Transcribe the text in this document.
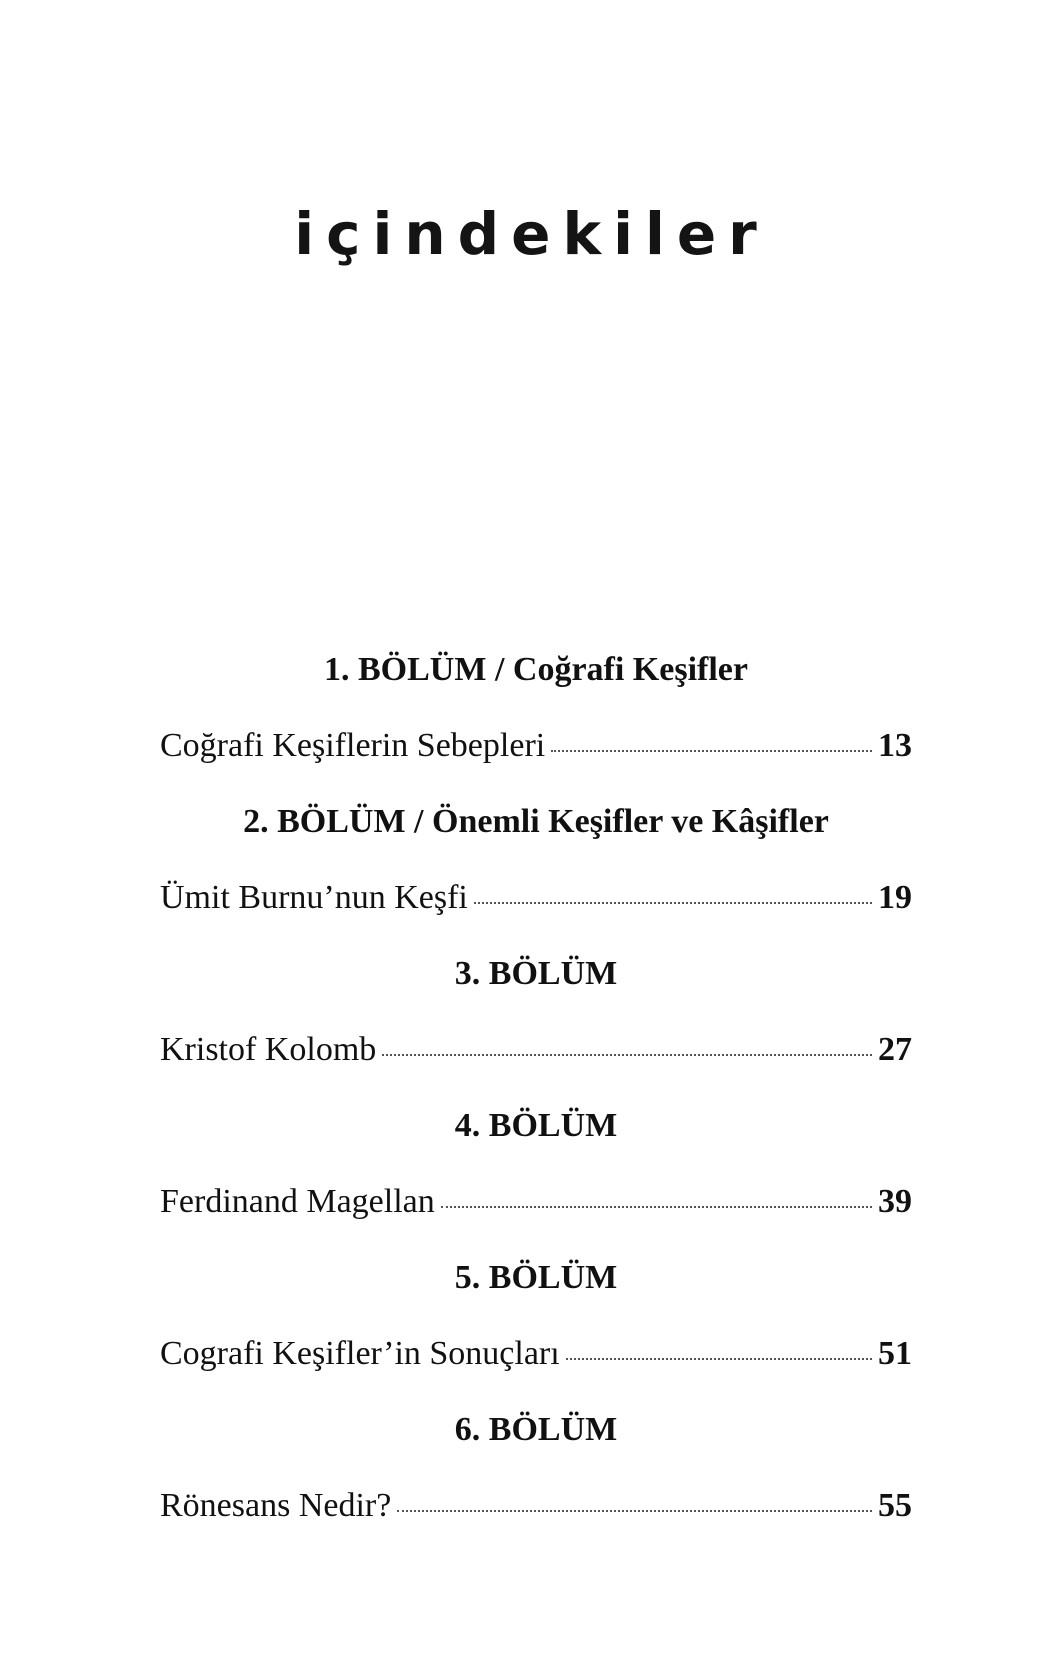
içindekiler
1. BÖLÜM / Coğrafi Keşifler
Coğrafi Keşiflerin Sebepleri	13
2. BÖLÜM / Önemli Keşifler ve Kâşifler
Ümit Burnu’nun Keşfi	19
3. BÖLÜM
Kristof Kolomb	27
4. BÖLÜM
Ferdinand Magellan	39
5. BÖLÜM
Cografi Keşifler’in Sonuçları	51
6. BÖLÜM
Rönesans Nedir?	55
